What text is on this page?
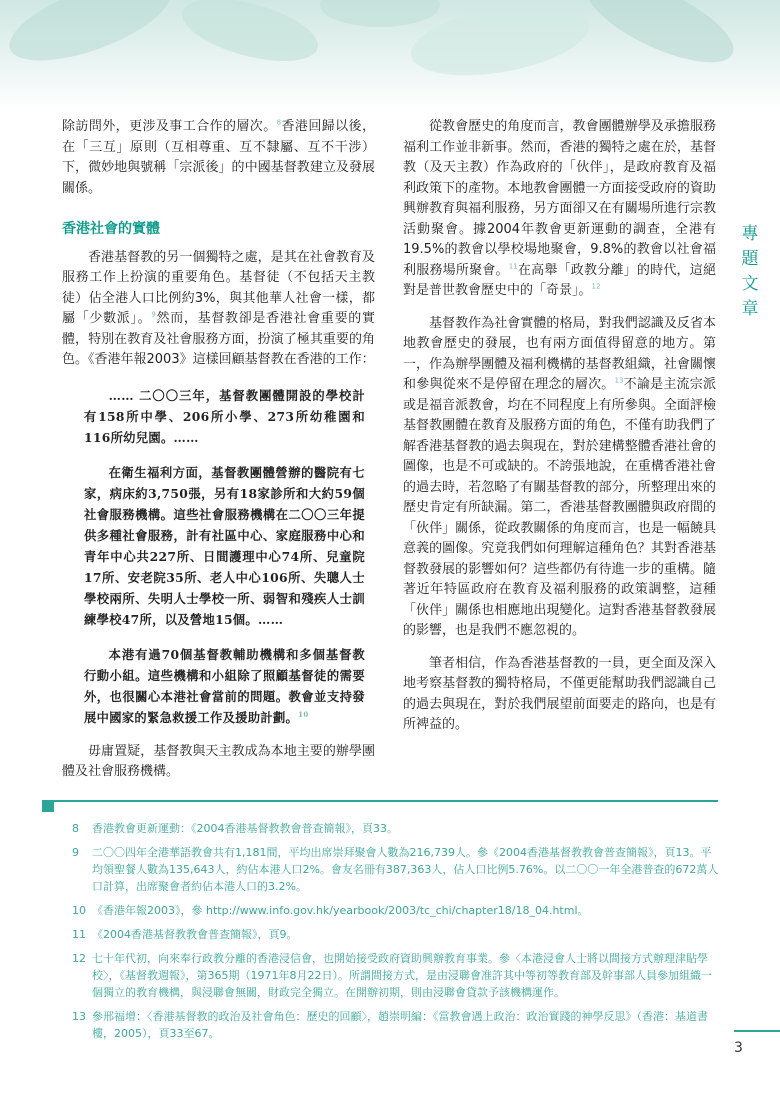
除訪問外，更涉及事工合作的層次。$^8$香港回歸以後，在「三互」原則（互相尊重、互不隸屬、互不干涉）下，微妙地與號稱「宗派後」的中國基督教建立及發展關係。

香港社會的實體

香港基督教的另一個獨特之處，是其在社會教育及服務工作上扮演的重要角色。基督徒（不包括天主教徒）佔全港人口比例約3%，與其他華人社會一樣，都屬「少數派」。$^9$然而，基督教卻是香港社會重要的實體，特別在教育及社會服務方面，扮演了極其重要的角色。《香港年報2003》這樣回顧基督教在香港的工作：

…… 二〇〇三年，基督教團體開設的學校計有158所中學、206所小學、273所幼稚園和116所幼兒園。……

在衛生福利方面，基督教團體營辦的醫院有七家，病床約3,750張，另有18家診所和大約59個社會服務機構。這些社會服務機構在二〇〇三年提供多種社會服務，計有社區中心、家庭服務中心和青年中心共227所、日間護理中心74所、兒童院17所、安老院35所、老人中心106所、失聰人士學校兩所、失明人士學校一所、弱智和殘疾人士訓練學校47所，以及營地15個。……

本港有過70個基督教輔助機構和多個基督教行動小組。這些機構和小組除了照顧基督徒的需要外，也很關心本港社會當前的問題。教會並支持發展中國家的緊急救援工作及援助計劃。$^{10}$

毋庸置疑，基督教與天主教成為本地主要的辦學團體及社會服務機構。

從教會歷史的角度而言，教會團體辦學及承擔服務福利工作並非新事。然而，香港的獨特之處在於，基督教（及天主教）作為政府的「伙伴」，是政府教育及福利政策下的產物。本地教會團體一方面接受政府的資助興辦教育與福利服務，另方面卻又在有關場所進行宗教活動聚會。據2004年教會更新運動的調查，全港有19.5%的教會以學校場地聚會，9.8%的教會以社會福利服務場所聚會。$^{11}$在高舉「政教分離」的時代，這絕對是普世教會歷史中的「奇景」。$^{12}$

基督教作為社會實體的格局，對我們認識及反省本地教會歷史的發展，也有兩方面值得留意的地方。第一，作為辦學團體及福利機構的基督教組織，社會關懷和參與從來不是停留在理念的層次。$^{13}$不論是主流宗派或是福音派教會，均在不同程度上有所參與。全面評檢基督教團體在教育及服務方面的角色，不僅有助我們了解香港基督教的過去與現在，對於建構整體香港社會的圖像，也是不可或缺的。不誇張地說，在重構香港社會的過去時，若忽略了有關基督教的部分，所整理出來的歷史肯定有所缺漏。第二，香港基督教團體與政府間的「伙伴」關係，從政教關係的角度而言，也是一幅饒具意義的圖像。究竟我們如何理解這種角色？其對香港基督教發展的影響如何？這些都仍有待進一步的重構。隨著近年特區政府在教育及福利服務的政策調整，這種「伙伴」關係也相應地出現變化。這對香港基督教發展的影響，也是我們不應忽視的。

筆者相信，作為香港基督教的一員，更全面及深入地考察基督教的獨特格局，不僅更能幫助我們認識自己的過去與現在，對於我們展望前面要走的路向，也是有所裨益的。

專
題
文
章
8	香港教會更新運動：《2004香港基督教教會普查簡報》，頁33。
9	二〇〇四年全港華語教會共有1,181間，平均出席崇拜聚會人數為216,739人。參《2004香港基督教教會普查簡報》，頁13。平均領聖餐人數為135,643人，約佔本港人口2%。會友名冊有387,363人，佔人口比例5.76%。以二〇〇一年全港普查的672萬人口計算，出席聚會者約佔本港人口的3.2%。
10 《香港年報2003》，參 http://www.info.gov.hk/yearbook/2003/tc_chi/chapter18/18_04.html。
11 《2004香港基督教教會普查簡報》，頁9。
12 七十年代初，向來奉行政教分離的香港浸信會，也開始接受政府資助興辦教育事業。參〈本港浸會人士將以間接方式辦理津貼學校〉，《基督教週報》，第365期（1971年8月22日）。所謂間接方式，是由浸聯會准許其中等初等教育部及幹事部人員參加組織一個獨立的教育機構，與浸聯會無關，財政完全獨立。在開辦初期，則由浸聯會貸款予該機構運作。
13 參邢福增：〈香港基督教的政治及社會角色：歷史的回顧〉，趙崇明編：《當教會遇上政治：政治實踐的神學反思》（香港：基道書樓，2005），頁33至67。
3
